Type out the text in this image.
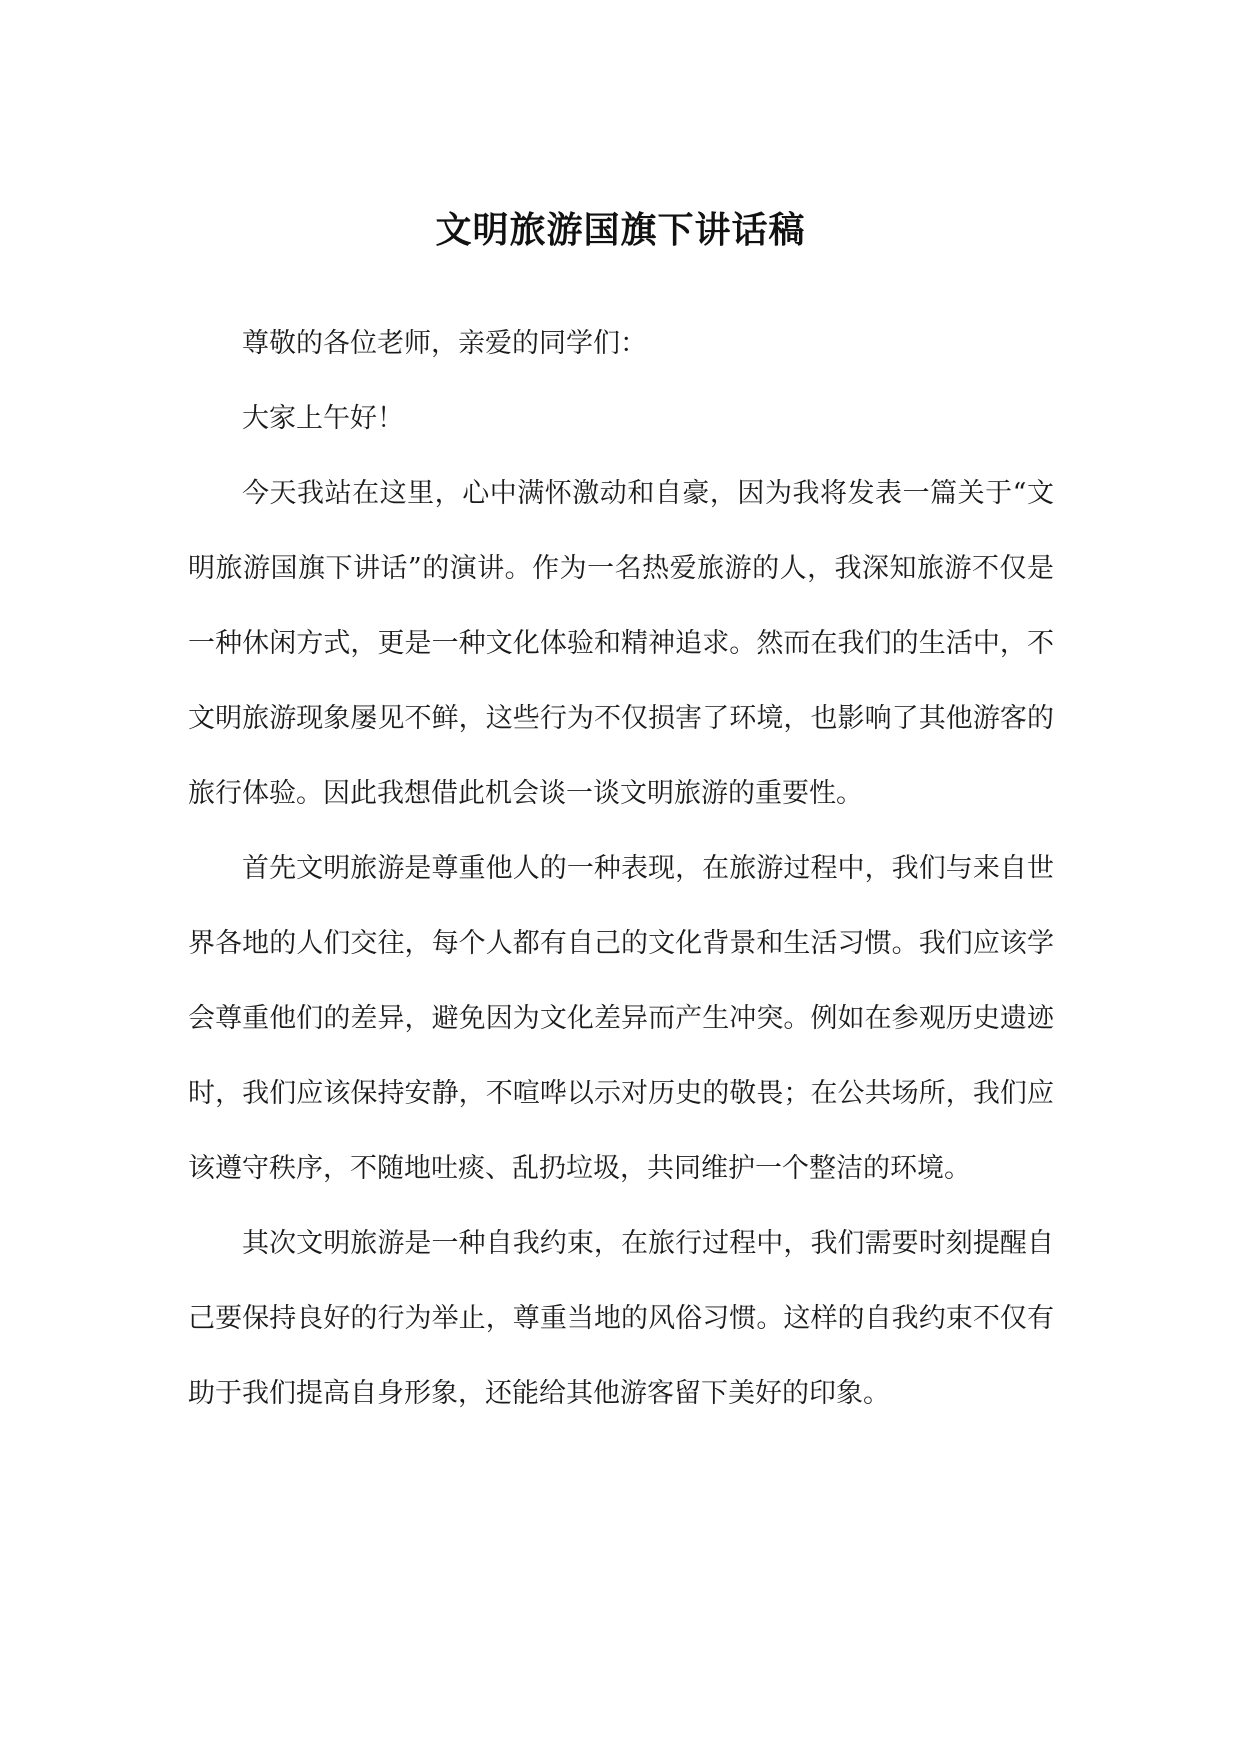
文明旅游国旗下讲话稿

尊敬的各位老师，亲爱的同学们：

大家上午好！

今天我站在这里，心中满怀激动和自豪，因为我将发表一篇关于“文明旅游国旗下讲话”的演讲。作为一名热爱旅游的人，我深知旅游不仅是一种休闲方式，更是一种文化体验和精神追求。然而在我们的生活中，不文明旅游现象屡见不鲜，这些行为不仅损害了环境，也影响了其他游客的旅行体验。因此我想借此机会谈一谈文明旅游的重要性。

首先文明旅游是尊重他人的一种表现，在旅游过程中，我们与来自世界各地的人们交往，每个人都有自己的文化背景和生活习惯。我们应该学会尊重他们的差异，避免因为文化差异而产生冲突。例如在参观历史遗迹时，我们应该保持安静，不喧哗以示对历史的敬畏；在公共场所，我们应该遵守秩序，不随地吐痰、乱扔垃圾，共同维护一个整洁的环境。

其次文明旅游是一种自我约束，在旅行过程中，我们需要时刻提醒自己要保持良好的行为举止，尊重当地的风俗习惯。这样的自我约束不仅有助于我们提高自身形象，还能给其他游客留下美好的印象。
